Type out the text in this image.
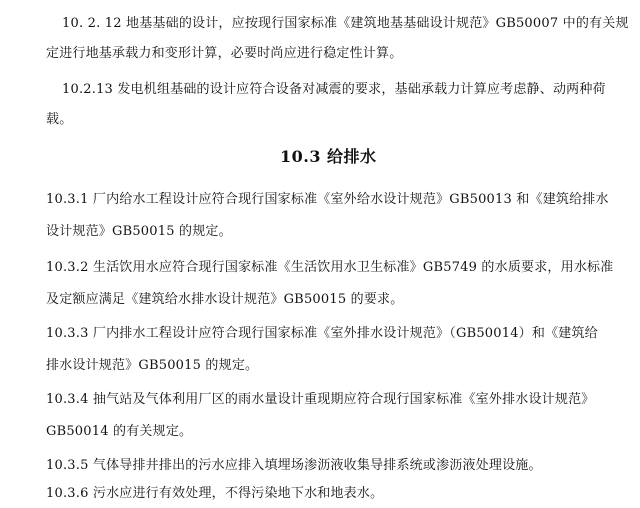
10. 2. 12 地基基础的设计，应按现行国家标准《建筑地基基础设计规范》GB50007 中的有关规
定进行地基承载力和变形计算，必要时尚应进行稳定性计算。
10.2.13 发电机组基础的设计应符合设备对减震的要求，基础承载力计算应考虑静、动两种荷
载。
10.3 给排水
10.3.1 厂内给水工程设计应符合现行国家标准《室外给水设计规范》GB50013 和《建筑给排水
设计规范》GB50015 的规定。
10.3.2 生活饮用水应符合现行国家标准《生活饮用水卫生标准》GB5749 的水质要求，用水标准
及定额应满足《建筑给水排水设计规范》GB50015 的要求。
10.3.3 厂内排水工程设计应符合现行国家标准《室外排水设计规范》（GB50014）和《建筑给
排水设计规范》GB50015 的规定。
10.3.4 抽气站及气体利用厂区的雨水量设计重现期应符合现行国家标准《室外排水设计规范》
GB50014 的有关规定。
10.3.5 气体导排井排出的污水应排入填埋场渗沥液收集导排系统或渗沥液处理设施。
10.3.6 污水应进行有效处理，不得污染地下水和地表水。
